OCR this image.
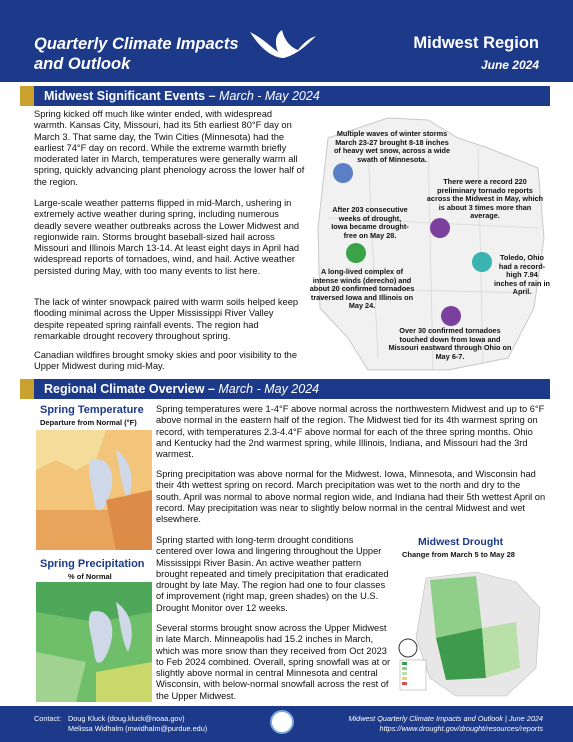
Quarterly Climate Impacts and Outlook
Midwest Region
June 2024
Midwest Significant Events – March - May 2024
Spring kicked off much like winter ended, with widespread warmth. Kansas City, Missouri, had its 5th earliest 80°F day on March 3. That same day, the Twin Cities (Minnesota) had the earliest 74°F day on record. While the extreme warmth briefly moderated later in March, temperatures were generally warm all spring, quickly advancing plant phenology across the lower half of the region.
Large-scale weather patterns flipped in mid-March, ushering in extremely active weather during spring, including numerous deadly severe weather outbreaks across the Lower Midwest and regionwide rain. Storms brought baseball-sized hail across Missouri and Illinois March 13-14. At least eight days in April had widespread reports of tornadoes, wind, and hail. Active weather persisted during May, with too many events to list here.
The lack of winter snowpack paired with warm soils helped keep flooding minimal across the Upper Mississippi River Valley despite repeated spring rainfall events. The region had remarkable drought recovery throughout spring.
Canadian wildfires brought smoky skies and poor visibility to the Upper Midwest during mid-May.
Multiple waves of winter storms March 23-27 brought 8-18 inches of heavy wet snow, across a wide swath of Minnesota.
There were a record 220 preliminary tornado reports across the Midwest in May, which is about 3 times more than average.
After 203 consecutive weeks of drought, Iowa became drought-free on May 28.
Toledo, Ohio had a record-high 7.94 inches of rain in April.
A long-lived complex of intense winds (derecho) and about 20 confirmed tornadoes traversed Iowa and Illinois on May 24.
Over 30 confirmed tornadoes touched down from Iowa and Missouri eastward through Ohio on May 6-7.
Regional Climate Overview – March - May 2024
Spring Temperature
Departure from Normal (°F)
Spring Precipitation
% of Normal
Spring temperatures were 1-4°F above normal across the northwestern Midwest and up to 6°F above normal in the eastern half of the region. The Midwest tied for its 4th warmest spring on record, with temperatures 2.3-4.4°F above normal for each of the three spring months. Ohio and Kentucky had the 2nd warmest spring, while Illinois, Indiana, and Missouri had the 3rd warmest.
Spring precipitation was above normal for the Midwest. Iowa, Minnesota, and Wisconsin had their 4th wettest spring on record. March precipitation was wet to the north and dry to the south. April was normal to above normal region wide, and Indiana had their 5th wettest April on record. May precipitation was near to slightly below normal in the central Midwest and wet elsewhere.
Spring started with long-term drought conditions centered over Iowa and lingering throughout the Upper Mississippi River Basin. An active weather pattern brought repeated and timely precipitation that eradicated drought by late May. The region had one to four classes of improvement (right map, green shades) on the U.S. Drought Monitor over 12 weeks.
Several storms brought snow across the Upper Midwest in late March. Minneapolis had 15.2 inches in March, which was more snow than they received from Oct 2023 to Feb 2024 combined. Overall, spring snowfall was at or slightly above normal in central Minnesota and central Wisconsin, with below-normal snowfall across the rest of the Upper Midwest.
Midwest Drought
Change from March 5 to May 28
Contact: Doug Kluck (doug.kluck@noaa.gov)
Melissa Widhalm (mwidhalm@purdue.edu)
Midwest Quarterly Climate Impacts and Outlook | June 2024
https://www.drought.gov/drought/resources/reports
